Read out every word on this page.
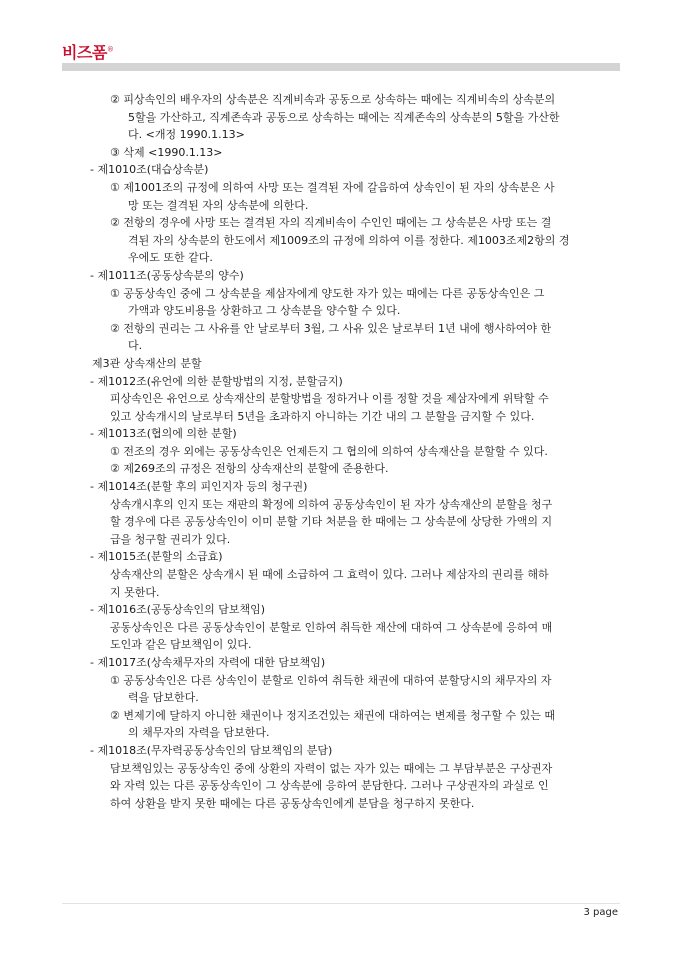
비즈폼®
② 피상속인의 배우자의 상속분은 직계비속과 공동으로 상속하는 때에는 직계비속의 상속분의
5할을 가산하고, 직계존속과 공동으로 상속하는 때에는 직계존속의 상속분의 5할을 가산한
다. <개정 1990.1.13>
③ 삭제 <1990.1.13>
- 제1010조(대습상속분)
① 제1001조의 규정에 의하여 사망 또는 결격된 자에 갈음하여 상속인이 된 자의 상속분은 사
망 또는 결격된 자의 상속분에 의한다.
② 전항의 경우에 사망 또는 결격된 자의 직계비속이 수인인 때에는 그 상속분은 사망 또는 결
격된 자의 상속분의 한도에서 제1009조의 규정에 의하여 이를 정한다. 제1003조제2항의 경
우에도 또한 같다.
- 제1011조(공동상속분의 양수)
① 공동상속인 중에 그 상속분을 제삼자에게 양도한 자가 있는 때에는 다른 공동상속인은 그
가액과 양도비용을 상환하고 그 상속분을 양수할 수 있다.
② 전항의 권리는 그 사유를 안 날로부터 3월, 그 사유 있은 날로부터 1년 내에 행사하여야 한
다.
제3관 상속재산의 분할
- 제1012조(유언에 의한 분할방법의 지정, 분할금지)
피상속인은 유언으로 상속재산의 분할방법을 정하거나 이를 정할 것을 제삼자에게 위탁할 수
있고 상속개시의 날로부터 5년을 초과하지 아니하는 기간 내의 그 분할을 금지할 수 있다.
- 제1013조(협의에 의한 분할)
① 전조의 경우 외에는 공동상속인은 언제든지 그 협의에 의하여 상속재산을 분할할 수 있다.
② 제269조의 규정은 전항의 상속재산의 분할에 준용한다.
- 제1014조(분할 후의 피인지자 등의 청구권)
상속개시후의 인지 또는 재판의 확정에 의하여 공동상속인이 된 자가 상속재산의 분할을 청구
할 경우에 다른 공동상속인이 이미 분할 기타 처분을 한 때에는 그 상속분에 상당한 가액의 지
급을 청구할 권리가 있다.
- 제1015조(분할의 소급효)
상속재산의 분할은 상속개시 된 때에 소급하여 그 효력이 있다. 그러나 제삼자의 권리를 해하
지 못한다.
- 제1016조(공동상속인의 담보책임)
공동상속인은 다른 공동상속인이 분할로 인하여 취득한 재산에 대하여 그 상속분에 응하여 매
도인과 같은 담보책임이 있다.
- 제1017조(상속채무자의 자력에 대한 담보책임)
① 공동상속인은 다른 상속인이 분할로 인하여 취득한 채권에 대하여 분할당시의 채무자의 자
력을 담보한다.
② 변제기에 달하지 아니한 채권이나 정지조건있는 채권에 대하여는 변제를 청구할 수 있는 때
의 채무자의 자력을 담보한다.
- 제1018조(무자력공동상속인의 담보책임의 분담)
담보책임있는 공동상속인 중에 상환의 자력이 없는 자가 있는 때에는 그 부담부분은 구상권자
와 자력 있는 다른 공동상속인이 그 상속분에 응하여 분담한다. 그러나 구상권자의 과실로 인
하여 상환을 받지 못한 때에는 다른 공동상속인에게 분담을 청구하지 못한다.
3 page
